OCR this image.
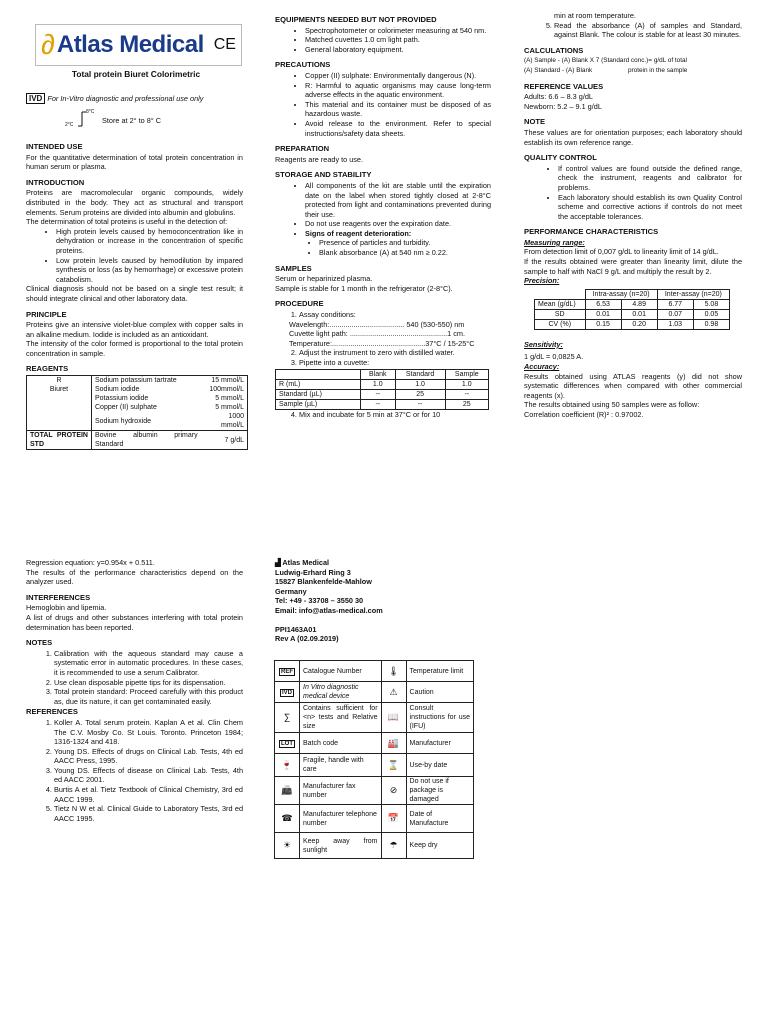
∂ Atlas Medical CE
Total protein Biuret Colorimetric
IVD For In-Vitro diagnostic and professional use only
8°C
2°C	Store at 2° to 8° C

INTENDED USE

For the quantitative determination of total protein concentration in human serum or plasma.

INTRODUCTION

Proteins are macromolecular organic compounds, widely distributed in the body. They act as structural and transport elements. Serum proteins are divided into albumin and globulins.

The determination of total proteins is useful in the detection of:

• High protein levels caused by hemoconcentration like in dehydration or increase in the concentration of specific proteins.
• Low protein levels caused by hemodilution by impared synthesis or loss (as by hemorrhage) or excessive protein catabolism.

Clinical diagnosis should not be based on a single test result; it should integrate clinical and other laboratory data.

PRINCIPLE

Proteins give an intensive violet-blue complex with copper salts in an alkaline medium. Iodide is included as an antioxidant.

The intensity of the color formed is proportional to the total protein concentration in sample.

REAGENTS

R
Biuret	Sodium potassium tartrate	15 mmol/L
	Sodium iodide	100mmol/L
	Potassium iodide	5 mmol/L
	Copper (II) sulphate	5 mmol/L
	Sodium hydroxide	1000 mmol/L
TOTAL PROTEIN STD	Bovine albumin primary Standard	7 g/dL

EQUIPMENTS NEEDED BUT NOT PROVIDED

• Spectrophotometer or colorimeter measuring at 540 nm.
• Matched cuvettes 1.0 cm light path.
• General laboratory equipment.

PRECAUTIONS

• Copper (II) sulphate: Environmentally dangerous (N).
• R: Harmful to aquatic organisms may cause long-term adverse effects in the aquatic environment.
• This material and its container must be disposed of as hazardous waste.
• Avoid release to the environment. Refer to special instructions/safety data sheets.

PREPARATION

Reagents are ready to use.

STORAGE AND STABILITY

• All components of the kit are stable until the expiration date on the label when stored tightly closed at 2-8°C protected from light and contaminations prevented during their use.
• Do not use reagents over the expiration date.
• Signs of reagent deterioration:
• Presence of particles and turbidity.
• Blank absorbance (A) at 540 nm ≥ 0.22.

SAMPLES

Serum or heparinized plasma.

Sample is stable for 1 month in the refrigerator (2-8°C).

PROCEDURE

1. Assay conditions:
Wavelength:..................................... 540 (530-550) nm
Cuvette light path: ................................................1 cm.
Temperature:..............................................37°C / 15-25°C
2. Adjust the instrument to zero with distilled water.
3. Pipette into a cuvette:
	Blank	Standard	Sample
R (mL)	1.0	1.0	1.0
Standard (µL)	--	25	--
Sample (µL)	--	--	25
4. Mix and incubate for 5 min at 37°C or for 10

min at room temperature.

5. Read the absorbance (A) of samples and Standard, against Blank. The colour is stable for at least 30 minutes.

CALCULATIONS

(A) Sample - (A) Blank X 7 (Standard conc.)= g/dL of total

(A) Standard - (A) Blank	protein in the sample

REFERENCE VALUES

Adults: 6.6 – 8.3 g/dL

Newborn: 5.2 – 9.1 g/dL

NOTE

These values are for orientation purposes; each laboratory should establish its own reference range.

QUALITY CONTROL

• If control values are found outside the defined range, check the instrument, reagents and calibrator for problems.
• Each laboratory should establish its own Quality Control scheme and corrective actions if controls do not meet the acceptable tolerances.

PERFORMANCE CHARACTERISTICS

Measuring range:

From detection limit of 0,007 g/dL to linearity limit of 14 g/dL.

If the results obtained were greater than linearity limit, dilute the sample to half with NaCl 9 g/L and multiply the result by 2.

Precision:

	Intra-assay (n=20)		Inter-assay (n=20)	
Mean (g/dL)	6.53	4.89	6.77	5.08
SD	0.01	0.01	0.07	0.05
CV (%)	0.15	0.20	1.03	0.98

Sensitivity:

1 g/dL = 0,0825 A.

Accuracy:

Results obtained using ATLAS reagents (y) did not show systematic differences when compared with other commercial reagents (x).

The results obtained using 50 samples were as follow:

Correlation coefficient (R)² : 0.97002.

Regression equation: y=0.954x + 0.511.

The results of the performance characteristics depend on the analyzer used.

INTERFERENCES

Hemoglobin and lipemia.

A list of drugs and other substances interfering with total protein determination has been reported.

NOTES

1. Calibration with the aqueous standard may cause a systematic error in automatic procedures. In these cases, it is recommended to use a serum Calibrator.
2. Use clean disposable pipette tips for its dispensation.
3. Total protein standard: Proceed carefully with this product as, due its nature, it can get contaminated easily.

REFERENCES

1. Koller A. Total serum protein. Kaplan A et al. Clin Chem The C.V. Mosby Co. St Louis. Toronto. Princeton 1984; 1316-1324 and 418.
2. Young DS. Effects of drugs on Clinical Lab. Tests, 4th ed AACC Press, 1995.
3. Young DS. Effects of disease on Clinical Lab. Tests, 4th ed AACC 2001.
4. Burtis A et al. Tietz Textbook of Clinical Chemistry, 3rd ed AACC 1999.
5. Tietz N W et al. Clinical Guide to Laboratory Tests, 3rd ed AACC 1995.

▟ Atlas Medical

Ludwig-Erhard Ring 3

15827 Blankenfelde-Mahlow

Germany

Tel: +49 - 33708 – 3550 30

Email: info@atlas-medical.com

PPI1463A01

Rev A (02.09.2019)

REF	Catalogue Number	🌡	Temperature limit
IVD	In Vitro diagnostic medical device	⚠	Caution
∑	Contains sufficient for <n> tests and Relative size	📖	Consult instructions for use (IFU)
LOT	Batch code	🏭	Manufacturer
🍷	Fragile, handle with care	⌛	Use-by date
📠	Manufacturer fax number	⊘	Do not use if package is damaged
☎	Manufacturer telephone number	📅	Date of Manufacture
☀	Keep away from sunlight	☂	Keep dry
